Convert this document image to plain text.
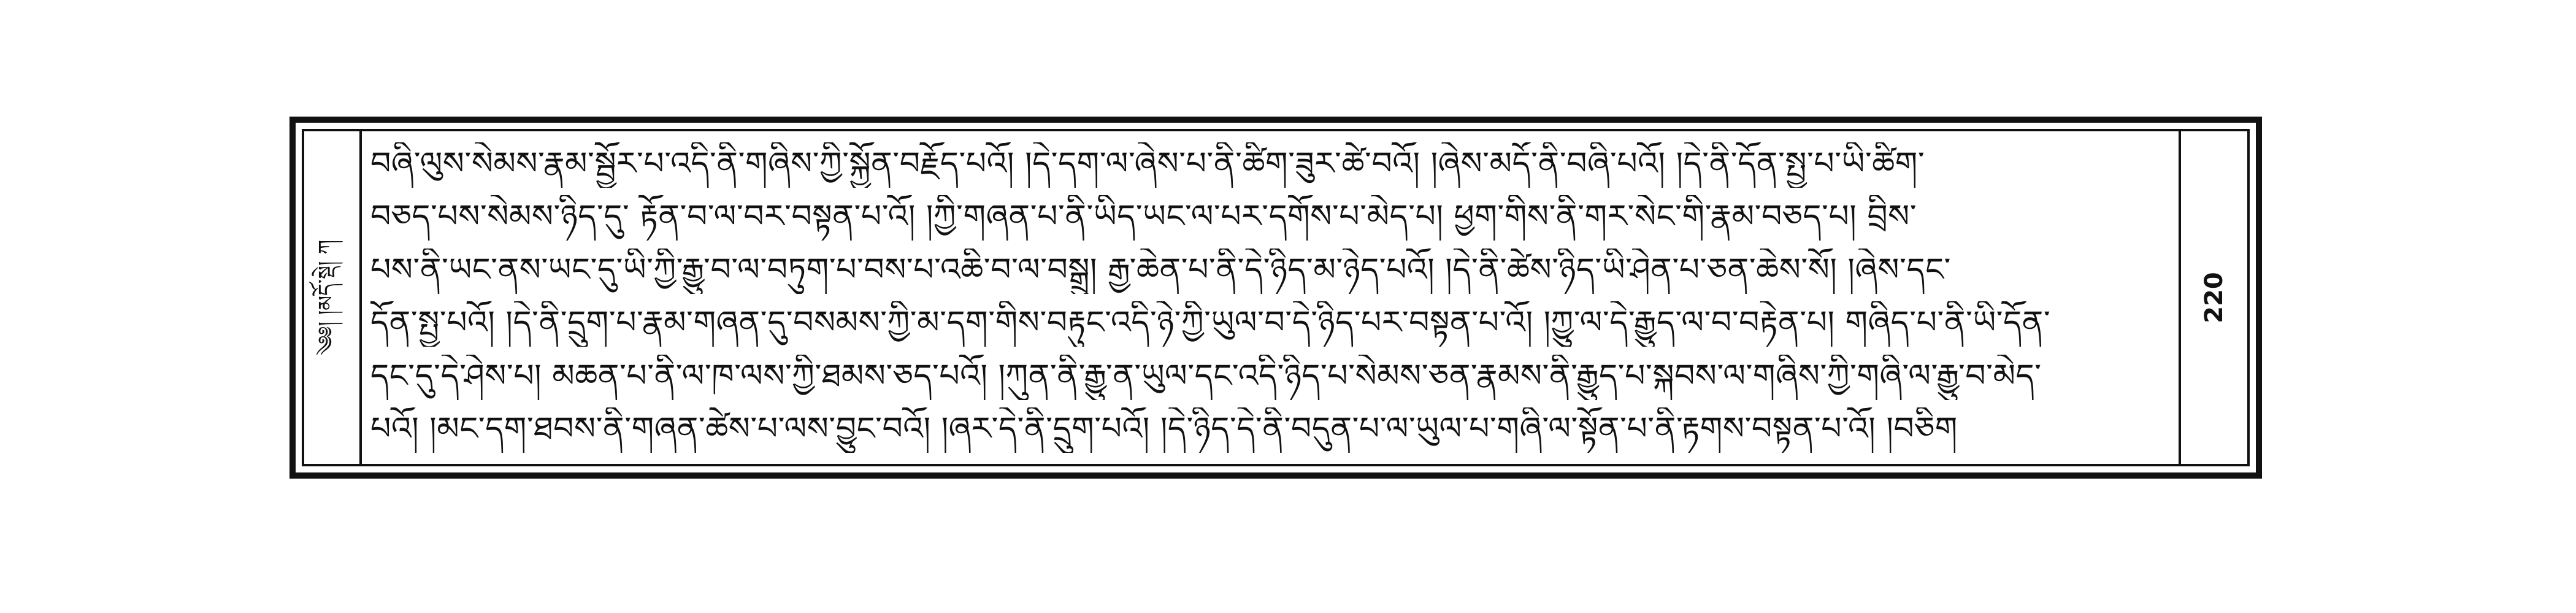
༄༅། །མདོ་སྡེ། ཀ
བཞི་ལུས་སེམས་རྣམ་སྦྱོར་པ་འདི་ནི་གཞིས་ཀྱི་སྐྱོན་བརྗོད་པའོ། །དེ་དག་ལ་ཞེས་པ་ནི་ཚིག་ཟུར་ཚེ་བའོ། །ཞེས་མདོ་ནི་བཞི་པའོ། །དེ་ནི་དོན་སྤྱ་པ་ཡི་ཚིག་
བཅད་པས་སེམས་ཉིད་དུ་ རྟོན་བ་ལ་བར་བསྟན་པ་འོ། །ཀྱི་གཞན་པ་ནི་ཡིད་ཡང་ལ་པར་དགོས་པ་མེད་པ། ཕྱག་གིས་ནི་གར་སེང་གི་རྣམ་བཅད་པ། བྲིས་
པས་ནི་ཡང་ནས་ཡང་དུ་ཡི་ཀྱི་རྒྱུ་བ་ལ་བཏུག་པ་བས་པ་འཆི་བ་ལ་བསྒྲུ། རྒྱ་ཆེན་པ་ནི་དེ་ཉིད་མ་ཉེད་པའོ། །དེ་ནི་ཚེས་ཉིད་ཡི་ཤེན་པ་ཅན་ཆེས་སོ། །ཞེས་དང་
དོན་སྤྱ་པའོ། །དེ་ནི་དྲུག་པ་རྣམ་གཞན་དུ་བསམས་ཀྱི་མ་དག་གིས་བརྟུང་འདི་ཉེ་ཀྱི་ཡུལ་བ་དེ་ཉིད་པར་བསྟན་པ་འོ། །ཀྱུ་ལ་དེ་རྒྱུད་ལ་བ་བརྟེན་པ། གཞིད་པ་ནི་ཡི་དོན་
དང་དུ་དེ་ཤེས་པ། མཆན་པ་ནི་ལ་ཁ་ལས་ཀྱི་ཐམས་ཅད་པའོ། །ཀུན་ནི་རྒྱུ་ན་ཡུལ་དང་འདི་ཉིད་པ་སེམས་ཅན་རྣམས་ནི་རྒྱུད་པ་སྐབས་ལ་གཞིས་ཀྱི་གཞི་ལ་རྒྱུ་བ་མེད་
པའོ། །མང་དག་ཐབས་ནི་གཞན་ཚེས་པ་ལས་བྱུང་བའོ། །ཞར་དེ་ནི་དྲུག་པའོ། །དེ་ཉིད་དེ་ནི་བདུན་པ་ལ་ཡུལ་པ་གཞི་ལ་སྟོན་པ་ནི་རྟགས་བསྟན་པ་འོ། །བཅིག
220
